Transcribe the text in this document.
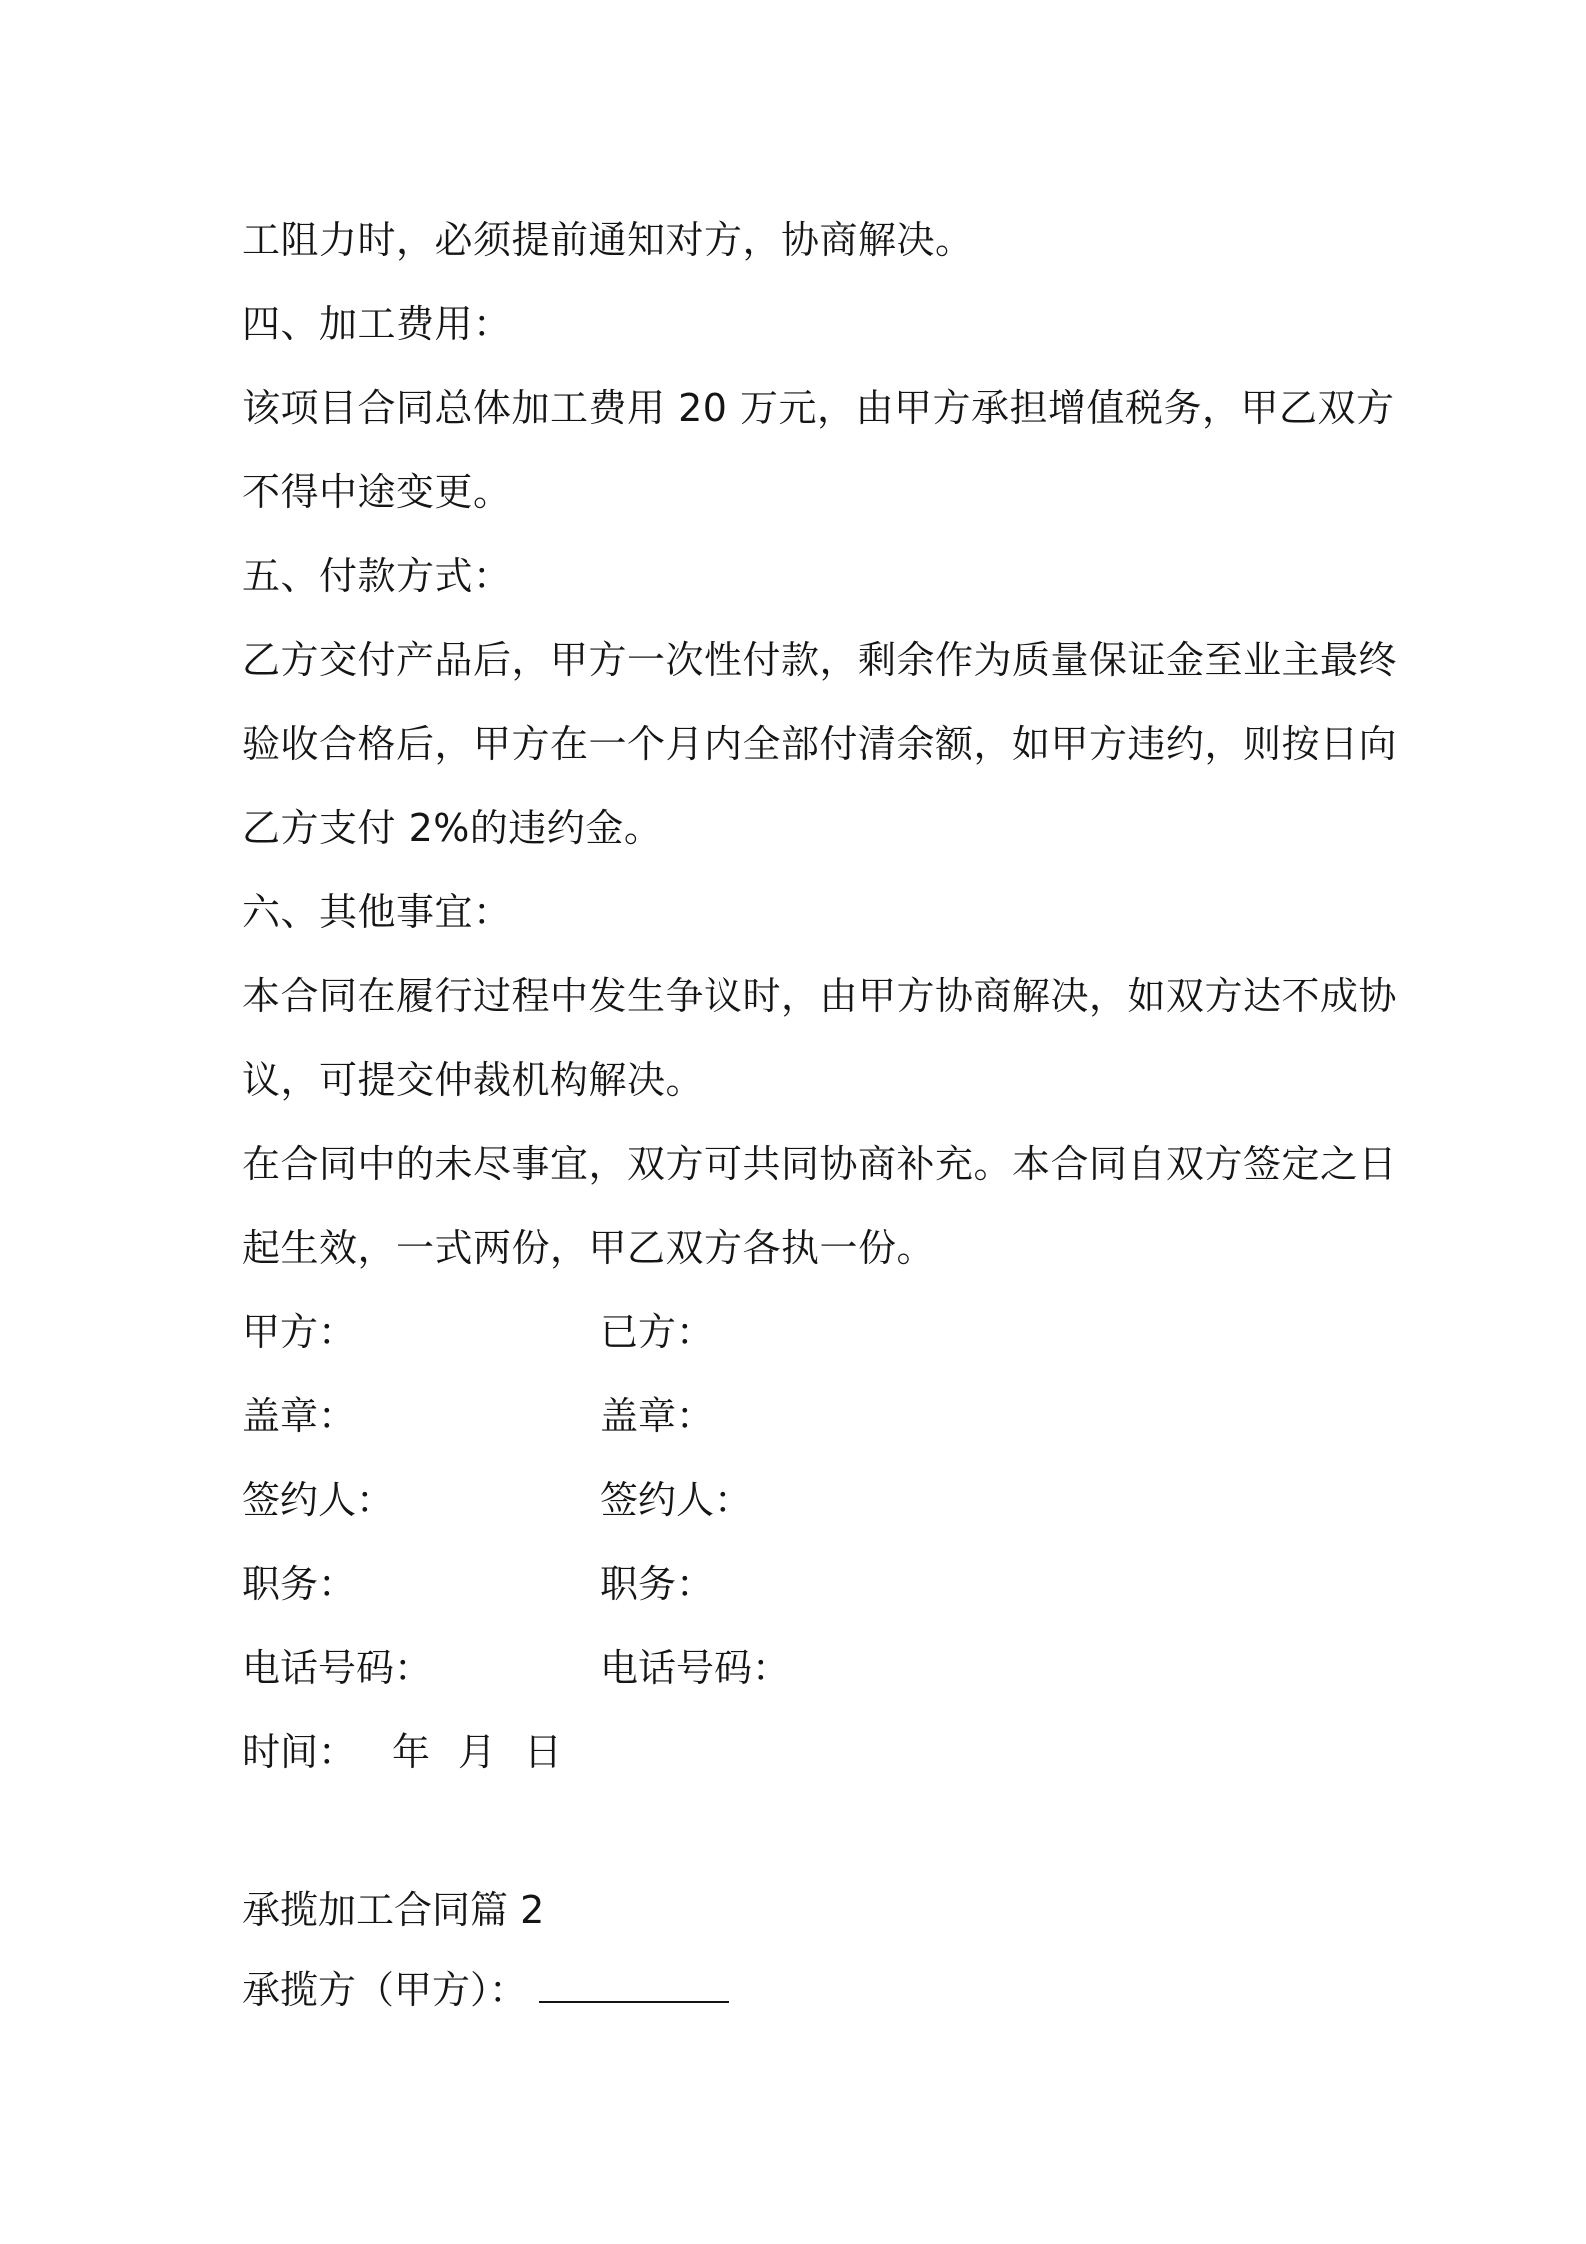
工阻力时，必须提前通知对方，协商解决。
四、加工费用：
该项目合同总体加工费用 20 万元，由甲方承担增值税务，甲乙双方
不得中途变更。
五、付款方式：
乙方交付产品后，甲方一次性付款，剩余作为质量保证金至业主最终
验收合格后，甲方在一个月内全部付清余额，如甲方违约，则按日向
乙方支付 2%的违约金。
六、其他事宜：
本合同在履行过程中发生争议时，由甲方协商解决，如双方达不成协
议，可提交仲裁机构解决。
在合同中的未尽事宜，双方可共同协商补充。本合同自双方签定之日
起生效，一式两份，甲乙双方各执一份。
甲方：	已方：
盖章：	盖章：
签约人：	签约人：
职务：	职务：
电话号码：	电话号码：
时间： 年 月 日
承揽加工合同篇 2
承揽方（甲方）：
